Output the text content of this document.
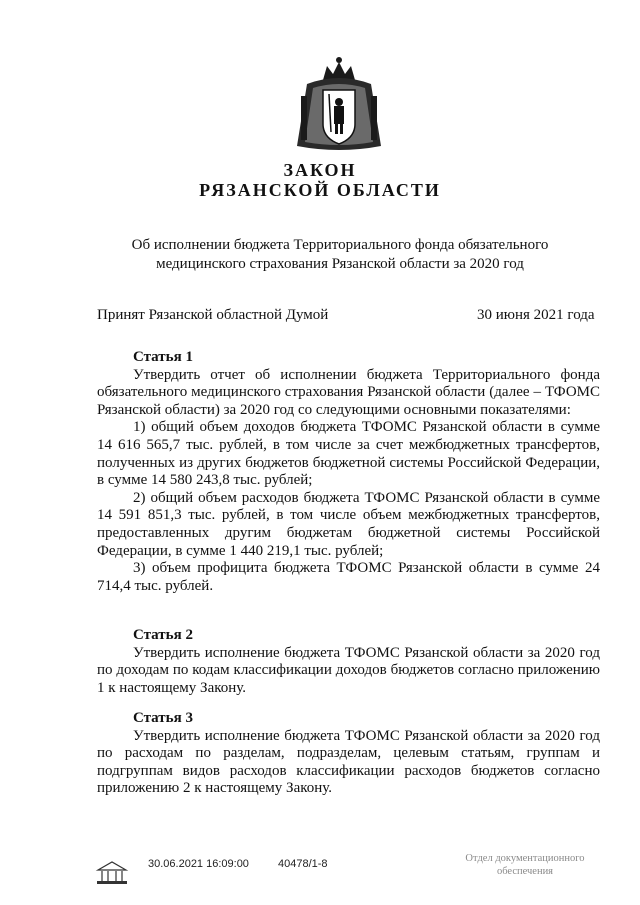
ЗАКОН
РЯЗАНСКОЙ ОБЛАСТИ
Об исполнении бюджета Территориального фонда обязательного медицинского страхования Рязанской области за 2020 год
Принят Рязанской областной Думой	30 июня 2021 года
Статья 1

Утвердить отчет об исполнении бюджета Территориального фонда обязательного медицинского страхования Рязанской области (далее – ТФОМС Рязанской области) за 2020 год со следующими основными показателями:

1) общий объем доходов бюджета ТФОМС Рязанской области в сумме 14 616 565,7 тыс. рублей, в том числе за счет межбюджетных трансфертов, полученных из других бюджетов бюджетной системы Российской Федерации, в сумме 14 580 243,8 тыс. рублей;

2) общий объем расходов бюджета ТФОМС Рязанской области в сумме 14 591 851,3 тыс. рублей, в том числе объем межбюджетных трансфертов, предоставленных другим бюджетам бюджетной системы Российской Федерации, в сумме 1 440 219,1 тыс. рублей;

3) объем профицита бюджета ТФОМС Рязанской области в сумме 24 714,4 тыс. рублей.

Статья 2

Утвердить исполнение бюджета ТФОМС Рязанской области за 2020 год по доходам по кодам классификации доходов бюджетов согласно приложению 1 к настоящему Закону.

Статья 3

Утвердить исполнение бюджета ТФОМС Рязанской области за 2020 год по расходам по разделам, подразделам, целевым статьям, группам и подгруппам видов расходов классификации расходов бюджетов согласно приложению 2 к настоящему Закону.

30.06.2021 16:09:00	40478/1-8	Отдел документационного
обеспечения
